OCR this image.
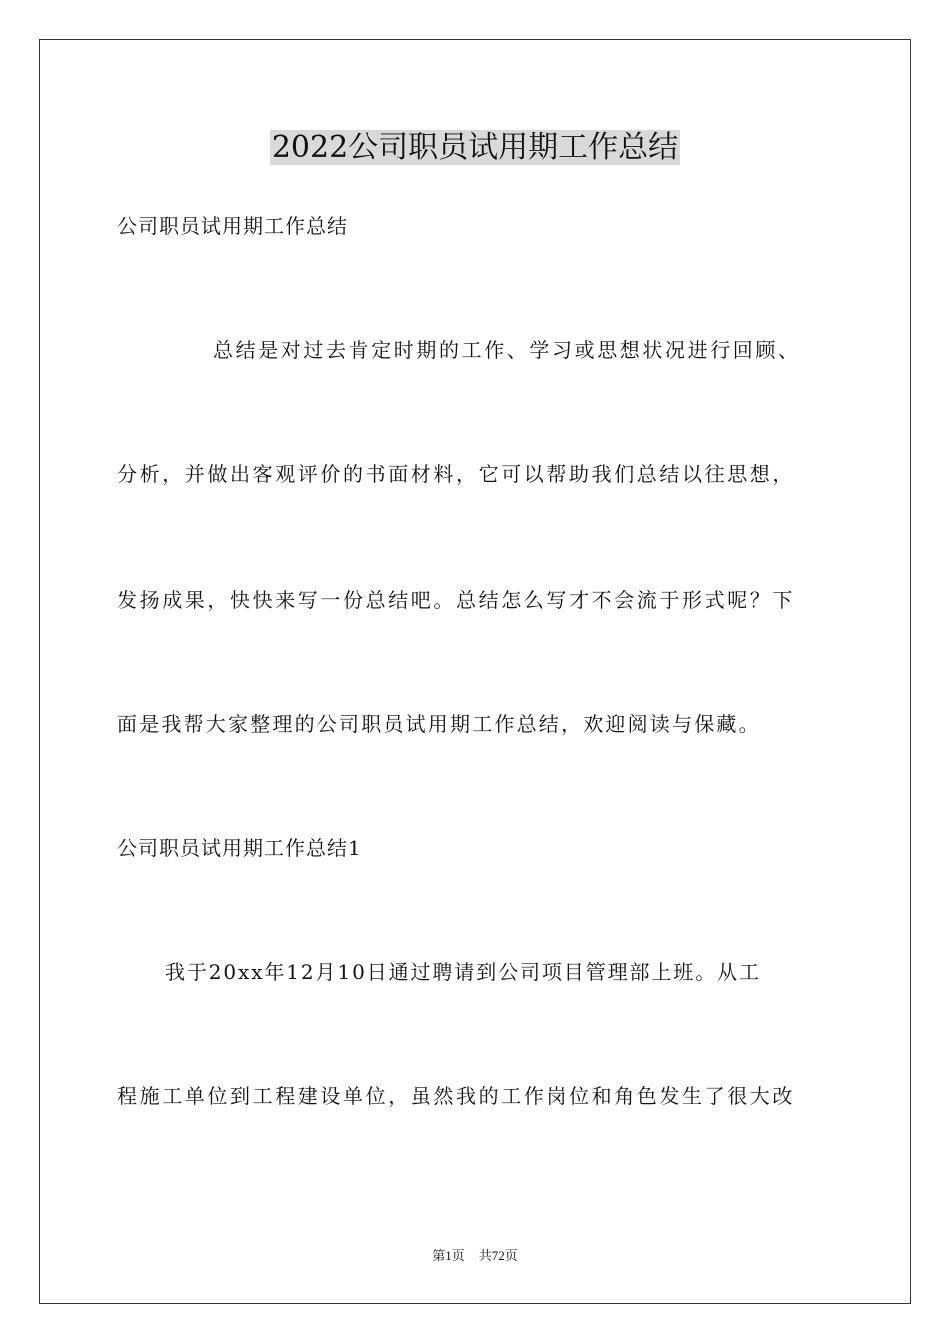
2022公司职员试用期工作总结

公司职员试用期工作总结

总结是对过去肯定时期的工作、学习或思想状况进行回顾、

分析，并做出客观评价的书面材料，它可以帮助我们总结以往思想，

发扬成果，快快来写一份总结吧。总结怎么写才不会流于形式呢？下

面是我帮大家整理的公司职员试用期工作总结，欢迎阅读与保藏。

公司职员试用期工作总结1

我于20xx年12月10日通过聘请到公司项目管理部上班。从工

程施工单位到工程建设单位，虽然我的工作岗位和角色发生了很大改

第1页 共72页
